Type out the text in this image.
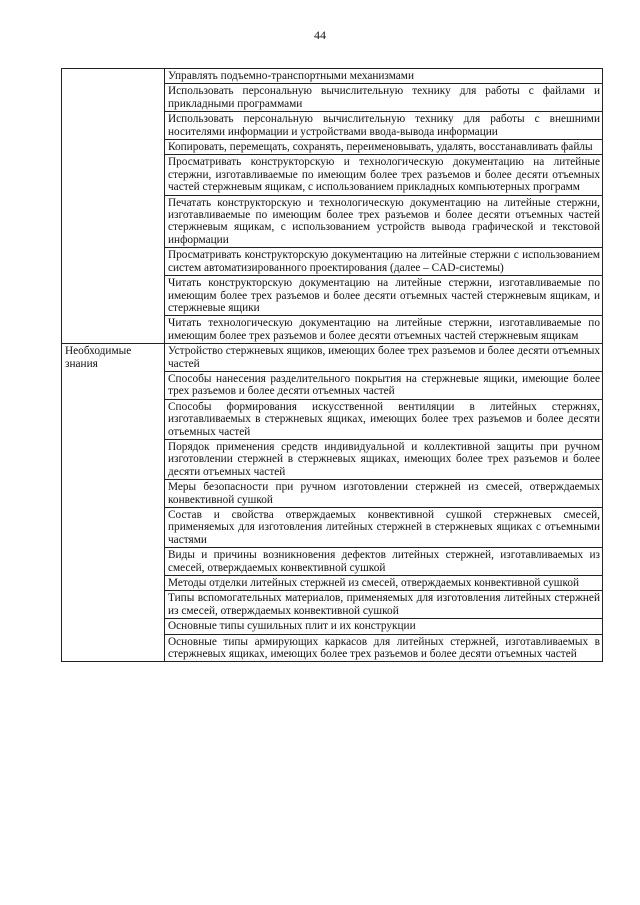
44
	Управлять подъемно-транспортными механизмами
	Использовать персональную вычислительную технику для работы с файлами и прикладными программами
	Использовать персональную вычислительную технику для работы с внешними носителями информации и устройствами ввода-вывода информации
	Копировать, перемещать, сохранять, переименовывать, удалять, восстанавливать файлы
	Просматривать конструкторскую и технологическую документацию на литейные стержни, изготавливаемые по имеющим более трех разъемов и более десяти отъемных частей стержневым ящикам, с использованием прикладных компьютерных программ
	Печатать конструкторскую и технологическую документацию на литейные стержни, изготавливаемые по имеющим более трех разъемов и более десяти отъемных частей стержневым ящикам, с использованием устройств вывода графической и текстовой информации
	Просматривать конструкторскую документацию на литейные стержни с использованием систем автоматизированного проектирования (далее – CAD-системы)
	Читать конструкторскую документацию на литейные стержни, изготавливаемые по имеющим более трех разъемов и более десяти отъемных частей стержневым ящикам, и стержневые ящики
	Читать технологическую документацию на литейные стержни, изготавливаемые по имеющим более трех разъемов и более десяти отъемных частей стержневым ящикам
Необходимые знания	Устройство стержневых ящиков, имеющих более трех разъемов и более десяти отъемных частей
	Способы нанесения разделительного покрытия на стержневые ящики, имеющие более трех разъемов и более десяти отъемных частей
	Способы формирования искусственной вентиляции в литейных стержнях, изготавливаемых в стержневых ящиках, имеющих более трех разъемов и более десяти отъемных частей
	Порядок применения средств индивидуальной и коллективной защиты при ручном изготовлении стержней в стержневых ящиках, имеющих более трех разъемов и более десяти отъемных частей
	Меры безопасности при ручном изготовлении стержней из смесей, отверждаемых конвективной сушкой
	Состав и свойства отверждаемых конвективной сушкой стержневых смесей, применяемых для изготовления литейных стержней в стержневых ящиках с отъемными частями
	Виды и причины возникновения дефектов литейных стержней, изготавливаемых из смесей, отверждаемых конвективной сушкой
	Методы отделки литейных стержней из смесей, отверждаемых конвективной сушкой
	Типы вспомогательных материалов, применяемых для изготовления литейных стержней из смесей, отверждаемых конвективной сушкой
	Основные типы сушильных плит и их конструкции
	Основные типы армирующих каркасов для литейных стержней, изготавливаемых в стержневых ящиках, имеющих более трех разъемов и более десяти отъемных частей
